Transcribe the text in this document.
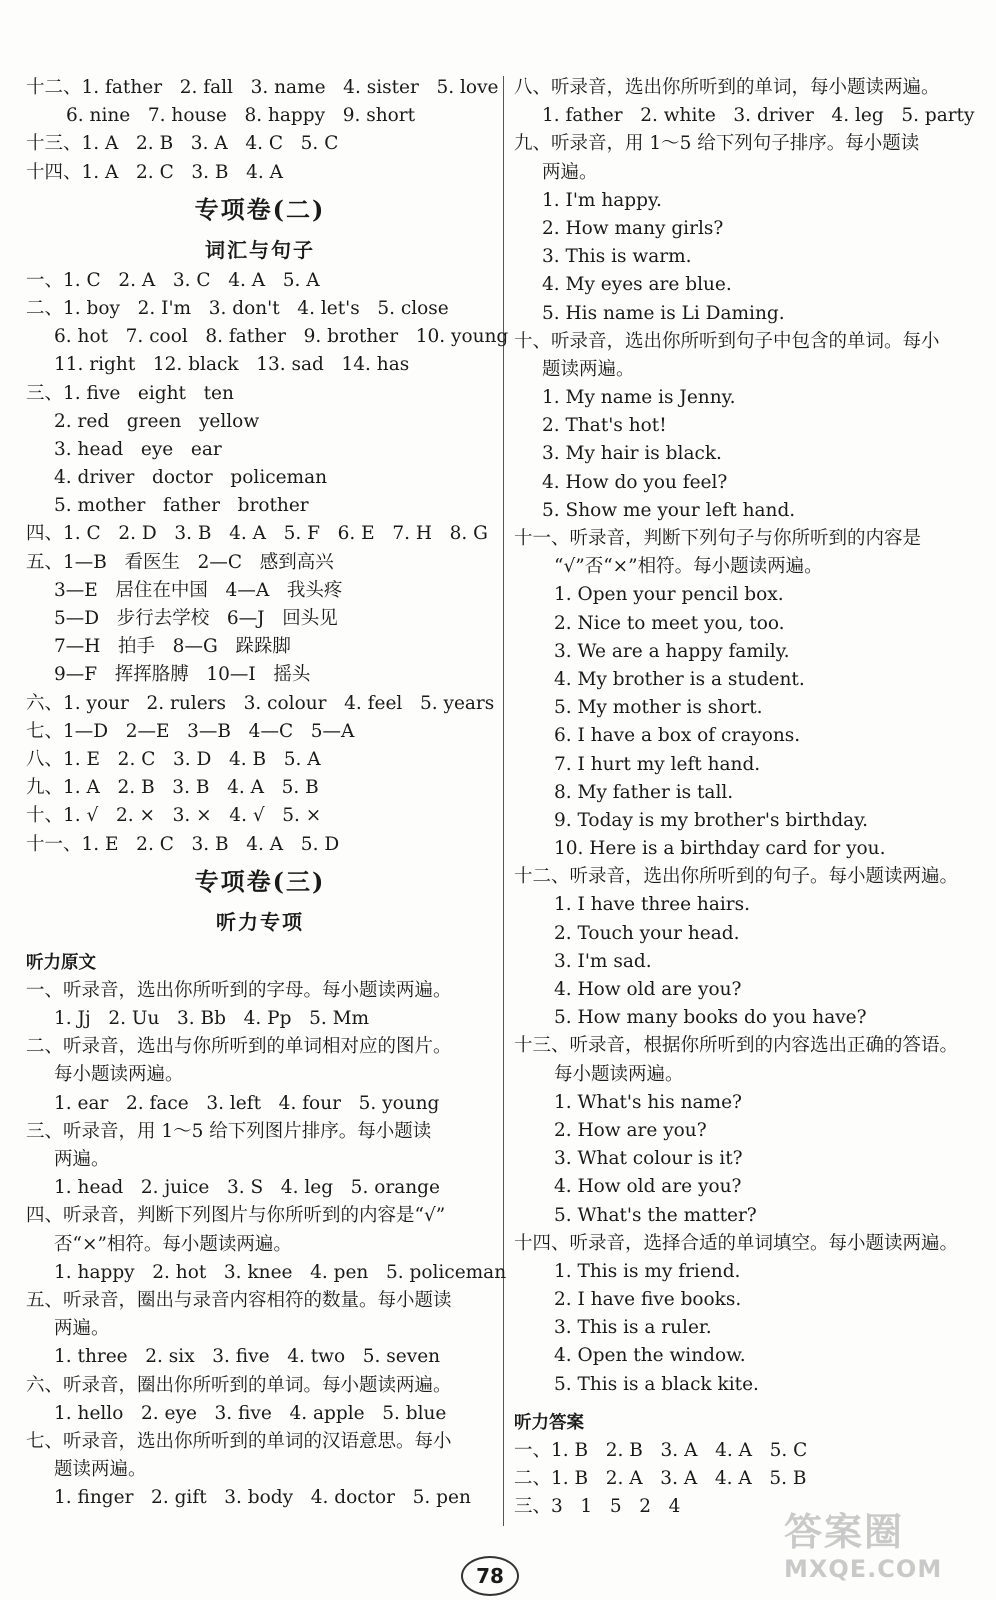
十二、1. father   2. fall   3. name   4. sister   5. love
6. nine   7. house   8. happy   9. short
十三、1. A   2. B   3. A   4. C   5. C
十四、1. A   2. C   3. B   4. A
专项卷(二)
词汇与句子
一、1. C   2. A   3. C   4. A   5. A
二、1. boy   2. I'm   3. don't   4. let's   5. close
6. hot   7. cool   8. father   9. brother   10. young
11. right   12. black   13. sad   14. has
三、1. five   eight   ten
2. red   green   yellow
3. head   eye   ear
4. driver   doctor   policeman
5. mother   father   brother
四、1. C   2. D   3. B   4. A   5. F   6. E   7. H   8. G
五、1—B   看医生   2—C   感到高兴
3—E   居住在中国   4—A   我头疼
5—D   步行去学校   6—J   回头见
7—H   拍手   8—G   跺跺脚
9—F   挥挥胳膊   10—I   摇头
六、1. your   2. rulers   3. colour   4. feel   5. years
七、1—D   2—E   3—B   4—C   5—A
八、1. E   2. C   3. D   4. B   5. A
九、1. A   2. B   3. B   4. A   5. B
十、1. √   2. ×   3. ×   4. √   5. ×
十一、1. E   2. C   3. B   4. A   5. D
专项卷(三)
听力专项
听力原文
一、听录音，选出你所听到的字母。每小题读两遍。
1. Jj   2. Uu   3. Bb   4. Pp   5. Mm
二、听录音，选出与你所听到的单词相对应的图片。
每小题读两遍。
1. ear   2. face   3. left   4. four   5. young
三、听录音，用 1～5 给下列图片排序。每小题读
两遍。
1. head   2. juice   3. S   4. leg   5. orange
四、听录音，判断下列图片与你所听到的内容是“√”
否“×”相符。每小题读两遍。
1. happy   2. hot   3. knee   4. pen   5. policeman
五、听录音，圈出与录音内容相符的数量。每小题读
两遍。
1. three   2. six   3. five   4. two   5. seven
六、听录音，圈出你所听到的单词。每小题读两遍。
1. hello   2. eye   3. five   4. apple   5. blue
七、听录音，选出你所听到的单词的汉语意思。每小
题读两遍。
1. finger   2. gift   3. body   4. doctor   5. pen
八、听录音，选出你所听到的单词，每小题读两遍。
1. father   2. white   3. driver   4. leg   5. party
九、听录音，用 1～5 给下列句子排序。每小题读
两遍。
1. I'm happy.
2. How many girls?
3. This is warm.
4. My eyes are blue.
5. His name is Li Daming.
十、听录音，选出你所听到句子中包含的单词。每小
题读两遍。
1. My name is Jenny.
2. That's hot!
3. My hair is black.
4. How do you feel?
5. Show me your left hand.
十一、听录音，判断下列句子与你所听到的内容是
“√”否“×”相符。每小题读两遍。
1. Open your pencil box.
2. Nice to meet you, too.
3. We are a happy family.
4. My brother is a student.
5. My mother is short.
6. I have a box of crayons.
7. I hurt my left hand.
8. My father is tall.
9. Today is my brother's birthday.
10. Here is a birthday card for you.
十二、听录音，选出你所听到的句子。每小题读两遍。
1. I have three hairs.
2. Touch your head.
3. I'm sad.
4. How old are you?
5. How many books do you have?
十三、听录音，根据你所听到的内容选出正确的答语。
每小题读两遍。
1. What's his name?
2. How are you?
3. What colour is it?
4. How old are you?
5. What's the matter?
十四、听录音，选择合适的单词填空。每小题读两遍。
1. This is my friend.
2. I have five books.
3. This is a ruler.
4. Open the window.
5. This is a black kite.
听力答案
一、1. B   2. B   3. A   4. A   5. C
二、1. B   2. A   3. A   4. A   5. B
三、3   1   5   2   4
78
答案圈
MXQE.COM
